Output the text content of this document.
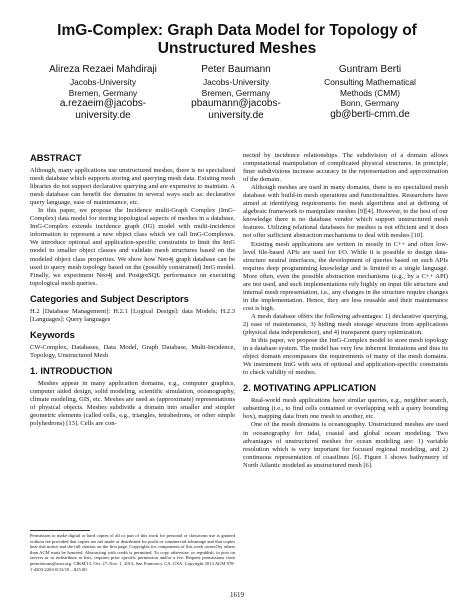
ImG-Complex: Graph Data Model for Topology of
Unstructured Meshes
Alireza Rezaei Mahdiraji
Jacobs-University
Bremen, Germany
a.rezaeim@jacobs-
university.de
Peter Baumann
Jacobs-University
Bremen, Germany
pbaumann@jacobs-
university.de
Guntram Berti
Consulting Mathematical
Methods (CMM)
Bonn, Germany
gb@berti-cmm.de
ABSTRACT

Although, many applications use unstructured meshes, there is no specialized mesh database which supports storing and querying mesh data. Existing mesh libraries do not support declarative querying and are expensive to maintain. A mesh database can benefit the domains in several ways such as: declarative query language, ease of maintenance, etc.

In this paper, we propose the Incidence multi-Graph Complex (ImG-Complex) data model for storing topological aspects of meshes in a database. ImG-Complex extends incidence graph (IG) model with multi-incidence information to represent a new object class which we call ImG-Complexes. We introduce optional and application-specific constraints to limit the ImG model to smaller object classes and validate mesh structures based on the modeled object class properties. We show how Neo4j graph database can be used to query mesh topology based on the (possibly constrained) ImG model. Finally, we experiment Neo4j and PostgreSQL performance on executing topological mesh queries.

Categories and Subject Descriptors

H.2 [Database Management]: H.2.1 [Logical Design]: data Models; H.2.3 [Languages]: Query languages

Keywords

CW-Complex, Databases, Data Model, Graph Database, Multi-Incidence, Topology, Unstructured Mesh

1. INTRODUCTION

Meshes appear in many application domains, e.g., computer graphics, computer aided design, solid modeling, scientific simulation, oceanography, climate modeling, GIS, etc. Meshes are used as (approximate) representations of physical objects. Meshes subdivide a domain into smaller and simpler geometric elements (called cells, e.g., triangles, tetrahedrons, or other simple polyhedrons) [13]. Cells are con-

Permission to make digital or hard copies of all or part of this work for personal or classroom use is granted without fee provided that copies are not made or distributed for profit or commercial advantage and that copies bear this notice and the full citation on the first page. Copyrights for components of this work owned by others than ACM must be honored. Abstracting with credit is permitted. To copy otherwise, or republish, to post on servers or to redistribute to lists, requires prior specific permission and/or a fee. Request permissions from permissions@acm.org. CIKM'13, Oct. 27–Nov. 1, 2013, San Francisco, CA, USA. Copyright 2013 ACM 978-1-4503-2263-8/13/10 ...$15.00.

nected by incidence relationships. The subdivision of a domain allows computational manipulation of complicated physical structures. In principle, finer subdivisions increase accuracy in the representation and approximation of the domain.

Although meshes are used in many domains, there is no specialized mesh database with build-in mesh operations and functionalities. Researchers have aimed at identifying requirements for mesh algorithms and at defining of algebraic framework to manipulate meshes [9][4]. However, to the best of our knowledge there is no database vendor which support unstructured mesh features. Utilizing relational databases for meshes is not efficient and it does not offer sufficient abstraction mechanisms to deal with meshes [10].

Existing mesh applications are written in mostly in C++ and often low-level file-based APIs are used for I/O. While it is possible to design data-structure neutral interfaces, the development of queries based on such APIs requires deep programming knowledge and is limited to a single language. More often, even the possible abstraction mechanisms (e.g., by a C++ API) are not used, and such implementations rely highly on input file structure and internal mesh representation, i.e., any changes in the structure require changes in the implementation. Hence, they are less reusable and their maintenance cost is high.

A mesh database offers the following advantages: 1) declarative querying, 2) ease of maintenance, 3) hiding mesh storage structure from applications (physical data independence), and 4) transparent query optimization.

In this paper, we propose the ImG-Complex model to store mesh topology in a database system. The model has very few inherent limitations and thus its object domain encompasses the requirements of many of the mesh domains. We instrument ImG with sets of optional and application-specific constraints to check validity of meshes.

2. MOTIVATING APPLICATION

Real-world mesh applications have similar queries, e.g., neighbor search, subsetting (i.e., to find cells contained or overlapping with a query bounding box), mapping data from one mesh to another, etc.

One of the mesh domains is oceanography. Unstructured meshes are used in oceanography for tidal, coastal and global ocean modeling. Two advantages of unstructured meshes for ocean modeling are: 1) variable resolution which is very important for focused regional modeling, and 2) continuous representation of coastlines [6]. Figure 1 shows bathymetry of North Atlantic modeled as unstructured mesh [6].

1619
